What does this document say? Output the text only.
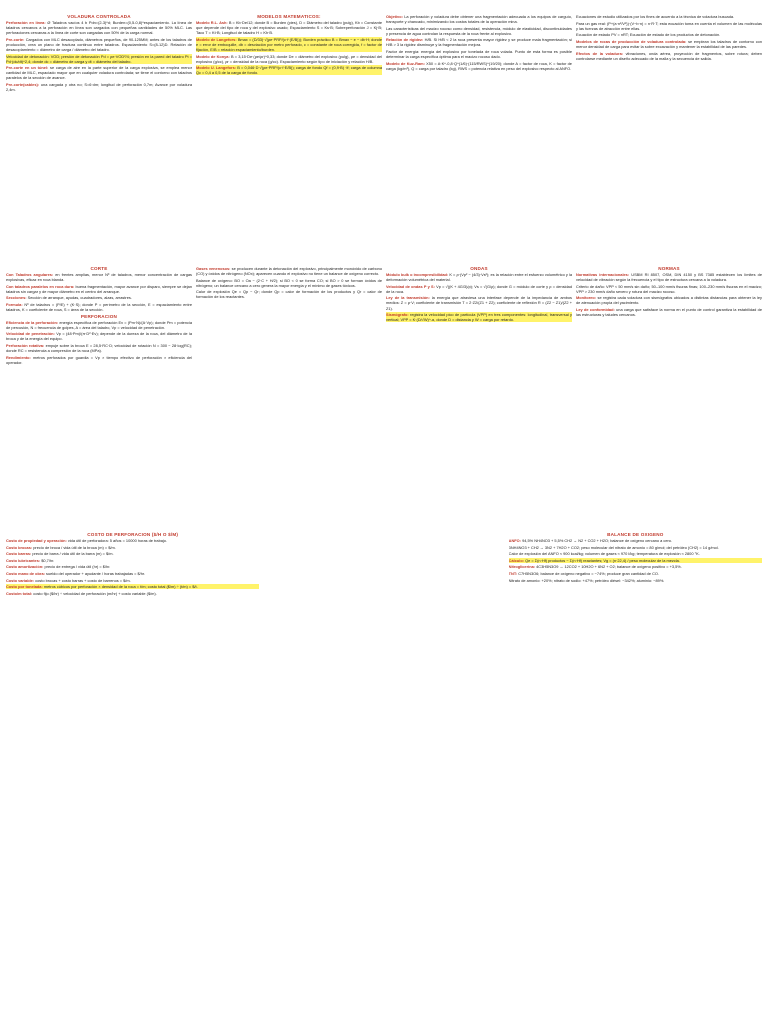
VOLADURA CONTROLADA

Perforación en línea: Ø Taladros vacíos 4 b Pdn=(2-3)*d; Burden=(0,5-0,8)*espaciamiento. La línea de taladros cercanos a la perforación en línea son cargados con pequeñas cantidades de 50% MLC. Las perforaciones cercanas a la línea de corte son cargadas con 50% de la carga normal.

Pre-corte: Cargados con MLC desacoplado, diámetros pequeños, de 90-125MM; antes de los taladros de producción, crea un plano de fractura continuo entre taladros. Espaciamiento S=(8-12)D. Relación de desacoplamiento = diámetro de carga / diámetro del taladro.

Velocidad de detonación: VOD; presión de detonación Pd = ρe·VOD²/4; presión en la pared del taladro Pt = Pd·(dc/dt)^2,4; donde dc = diámetro de carga y dt = diámetro del taladro.

Pre-corte en un túnel: se carga de aire en la parte superior de la carga explosiva, se emplea menor cantidad de MLC, espaciado mayor que en cualquier voladura controlada; se tiene el contorno con taladros paralelos de la sección de avance.

Pre-corte(cables): una cargada y otra no; S=6·dm; longitud de perforación 0,7m; Avance por voladura 2,4m.

MODELOS MATEMATICOS:

Modelo R.L. Ash: B = Kb·De/12; donde B = Burden (pies), D = Diámetro del taladro (pulg), Kb = Constante que depende del tipo de roca y del explosivo usado; Espaciamiento S = Ks·B; Sobreperforación J = Kj·B; Taco T = Kt·B; Longitud de taladro H = Kh·B.

Modelo de Langefors: Bmax = (D/33)·√(ρe·PRP/(c·f·(E/B))); Burden práctico B = Bmax − e − db·H; donde e = error de emboquille, db = desviación por metro perforado, c = constante de roca corregida, f = factor de fijación, E/B = relación espaciamiento/burden.

Modelo de Konya: B = 3,15·De·(ρe/ρr)^0,33; donde De = diámetro del explosivo (pulg), ρe = densidad del explosivo (g/cc), ρr = densidad de la roca (g/cc). Espaciamiento según tipo de iniciación y relación H/B.

Modelo U. Langefors: B = 0,046·D·√(ρe·PRP/(c·f·E/B)); carga de fondo Qf = (0,9·B) ·lf; carga de columna Qc = 0,4 a 0,5 de la carga de fondo.

Objetivo: La perforación y voladura debe obtener una fragmentación adecuada a los equipos de carguío, transporte y chancado, minimizando los costos totales de la operación mina.

Las características del macizo rocoso como densidad, resistencia, módulo de elasticidad, discontinuidades y presencia de agua controlan la respuesta de la roca frente al explosivo.

Relación de rigidez: H/B. Si H/B < 2 la roca presenta mayor rigidez y se produce mala fragmentación; si H/B > 3 la rigidez disminuye y la fragmentación mejora.

Factor de energía: energía del explosivo por tonelada de roca volada. Punto de esta forma es posible determinar la carga específica óptima para el macizo rocoso dado.

Modelo de Kuz-Ram: X50 = A·K^-0,8·Q^(1/6)·(115/RWS)^(19/20); donde A = factor de roca, K = factor de carga (kg/m³), Q = carga por taladro (kg), RWS = potencia relativa en peso del explosivo respecto al ANFO.

Ecuaciones de estudio utilizados por los fines de acuerdo a la técnica de voladura buscada.

Para un gas real: (P+(a·n²/V²))·(V−b·n) = n·R·T; esta ecuación toma en cuenta el volumen de las moléculas y las fuerzas de atracción entre ellas.

Ecuación de estado PV = nRT; Ecuación de estado de los productos de detonación.

Modelos de rocas de producción de voladura controlada: se emplean los taladros de contorno con menor densidad de carga para evitar la sobre excavación y mantener la estabilidad de las paredes.

Efectos de la voladura: vibraciones, onda aérea, proyección de fragmentos, sobre rotura; deben controlarse mediante un diseño adecuado de la malla y la secuencia de salida.

CORTE

Con Taladros angulares: en frentes amplias, menor Nº de taladros, menor concentración de cargas explosivas, eficaz en roca blanda.

Con taladros paralelos en roca dura: buena fragmentación, mayor avance por disparo, siempre se dejan taladros sin cargar y de mayor diámetro en el centro del arranque.

Secciones: Sección de arranque, ayudas, cuadradores, alzas, arrastres.

Formula: Nº de taladros = (P/E) + (K·S); donde P = perímetro de la sección, E = espaciamiento entre taladros, K = coeficiente de roca, S = área de la sección.

PERFORACION

Eficiencia de la perforación: energía específica de perforación Ev = (Pm·N)/(A·Vp); donde Pm = potencia de percusión, N = frecuencia de golpes, A = área del taladro, Vp = velocidad de penetración.

Velocidad de penetración: Vp = (48·Pm)/(π·D²·Ev); depende de la dureza de la roca, del diámetro de la broca y de la energía del equipo.

Perforación rotativa: empuje sobre la broca E = 28,5·RC·D; velocidad de rotación N = 300 − 28·log(RC); donde RC = resistencia a compresión de la roca (MPa).

Rendimiento: metros perforados por guardia = Vp × tiempo efectivo de perforación × eficiencia del operador.

Gases venenosos: se producen durante la detonación del explosivo, principalmente monóxido de carbono (CO) y óxidos de nitrógeno (NOx); aparecen cuando el explosivo no tiene un balance de oxígeno correcto.

Balance de oxígeno: BO = Oa − (2·C + H/2); si BO < 0 se forma CO; si BO > 0 se forman óxidos de nitrógeno; un balance cercano a cero genera la mayor energía y el mínimo de gases tóxicos.

Calor de explosión Qe = Qp − Qr; donde Qp = calor de formación de los productos y Qr = calor de formación de los reactantes.

ONDAS

Módulo bulk o incompresibilidad: K = ρ·(Vp² − (4/3)·Vs²); es la relación entre el esfuerzo volumétrico y la deformación volumétrica del material.

Velocidad de ondas P y S: Vp = √((K + 4G/3)/ρ); Vs = √(G/ρ); donde G = módulo de corte y ρ = densidad de la roca.

Ley de la transmisión: la energía que atraviesa una interfase depende de la impedancia de ambos medios: Z = ρ·V; coeficiente de transmisión T = 2·Z2/(Z1 + Z2); coeficiente de reflexión R = (Z2 − Z1)/(Z2 + Z1).

Sismógrafo: registra la velocidad pico de partícula (VPP) en tres componentes: longitudinal, transversal y vertical; VPP = K·(D/√W)^-α, donde D = distancia y W = carga por retardo.

NORMAS

Normativas internacionales: USBM RI 8507, OSM, DIN 4150 y BS 7385 establecen los límites de velocidad de vibración según la frecuencia y el tipo de estructura cercana a la voladura.

Criterio de daño: VPP < 50 mm/s sin daño; 50–100 mm/s fisuras finas; 100–230 mm/s fisuras en el macizo; VPP > 230 mm/s daño severo y rotura del macizo rocoso.

Monitoreo: se registra cada voladura con sismógrafos ubicados a distintas distancias para obtener la ley de atenuación propia del yacimiento.

Ley de conformidad: una carga que satisface la norma en el punto de control garantiza la estabilidad de las estructuras y taludes cercanos.

COSTO DE PERFORACION ($/H O $/M)

Costo de propiedad y operación: vida útil de perforadora: 5 años = 10000 horas de trabajo.

Costo brocas: precio de broca / vida útil de la broca (m) = $/m.

Costo barras: precio de barra / vida útil de la barra (m) = $/m.

Costo lubricantes: $0,7/hr.

Costo amortización: precio de entrega / vida útil (hr) = $/hr.

Costo mano de obra: sueldo del operador + ayudante / horas trabajadas = $/hr.

Costo variable: costo brocas + costo barras + costo de barrenos = $/m.

Costo por tonelada: metros cúbicos por perforación × densidad de la roca = t/m; costo total ($/m) ÷ (t/m) = $/t.

Costo/m total: costo fijo ($/hr) ÷ velocidad de perforación (m/hr) + costo variable ($/m).

BALANCE DE OXIGENO

ANFO: 94,5% NH4NO3 + 5,5% CH2 → N2 + CO2 + H2O; balance de oxígeno cercano a cero.

3NH4NO3 + CH2 → 3N2 + 7H2O + CO2; peso molecular del nitrato de amonio = 80 g/mol; del petróleo (CH2) = 14 g/mol.

Calor de explosión del ANFO ≈ 900 kcal/kg; volumen de gases ≈ 970 l/kg; temperatura de explosión ≈ 2800 °K.

Cálculo: Qe = Σ(n·Hf) productos − Σ(n·Hf) reactantes; Vg = (n·22,4) / peso molecular de la mezcla.

Nitroglicerina: 4C3H5N3O9 → 12CO2 + 10H2O + 6N2 + O2; balance de oxígeno positivo = +3,5%.

TNT: C7H5N3O6; balance de oxígeno negativo = −74%; produce gran cantidad de CO.

Nitrato de amonio: +20%; nitrato de sodio: +47%; petróleo diésel: −342%; aluminio: −89%.
